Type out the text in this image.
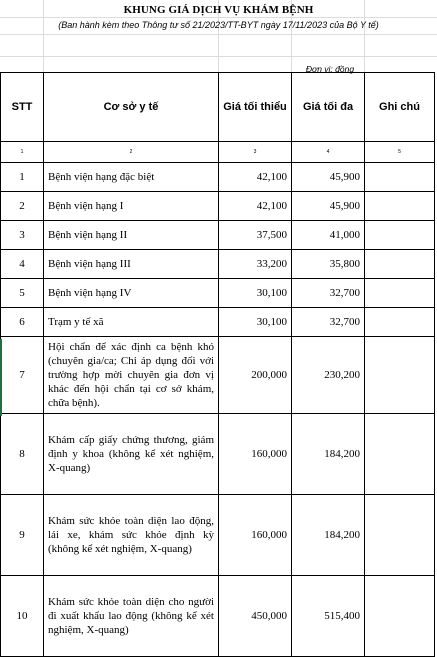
KHUNG GIÁ DỊCH VỤ KHÁM BỆNH
(Ban hành kèm theo Thông tư số 21/2023/TT-BYT ngày 17/11/2023 của Bộ Y tế)
Đơn vị: đồng
STT	Cơ sở y tế	Giá tối thiểu	Giá tối đa	Ghi chú
1	2	3	4	5
1	Bệnh viện hạng đặc biệt	42,100	45,900	
2	Bệnh viện hạng I	42,100	45,900	
3	Bệnh viện hạng II	37,500	41,000	
4	Bệnh viện hạng III	33,200	35,800	
5	Bệnh viện hạng IV	30,100	32,700	
6	Trạm y tế xã	30,100	32,700	
7	Hội chẩn để xác định ca bệnh khó (chuyên gia/ca; Chỉ áp dụng đối với trường hợp mời chuyên gia đơn vị khác đến hội chẩn tại cơ sở khám, chữa bệnh).	200,000	230,200	
8	Khám cấp giấy chứng thương, giám định y khoa (không kể xét nghiệm, X-quang)	160,000	184,200	
9	Khám sức khỏe toàn diện lao động, lái xe, khám sức khỏe định kỳ (không kể xét nghiệm, X-quang)	160,000	184,200	
10	Khám sức khỏe toàn diện cho người đi xuất khẩu lao động (không kể xét nghiệm, X-quang)	450,000	515,400	
